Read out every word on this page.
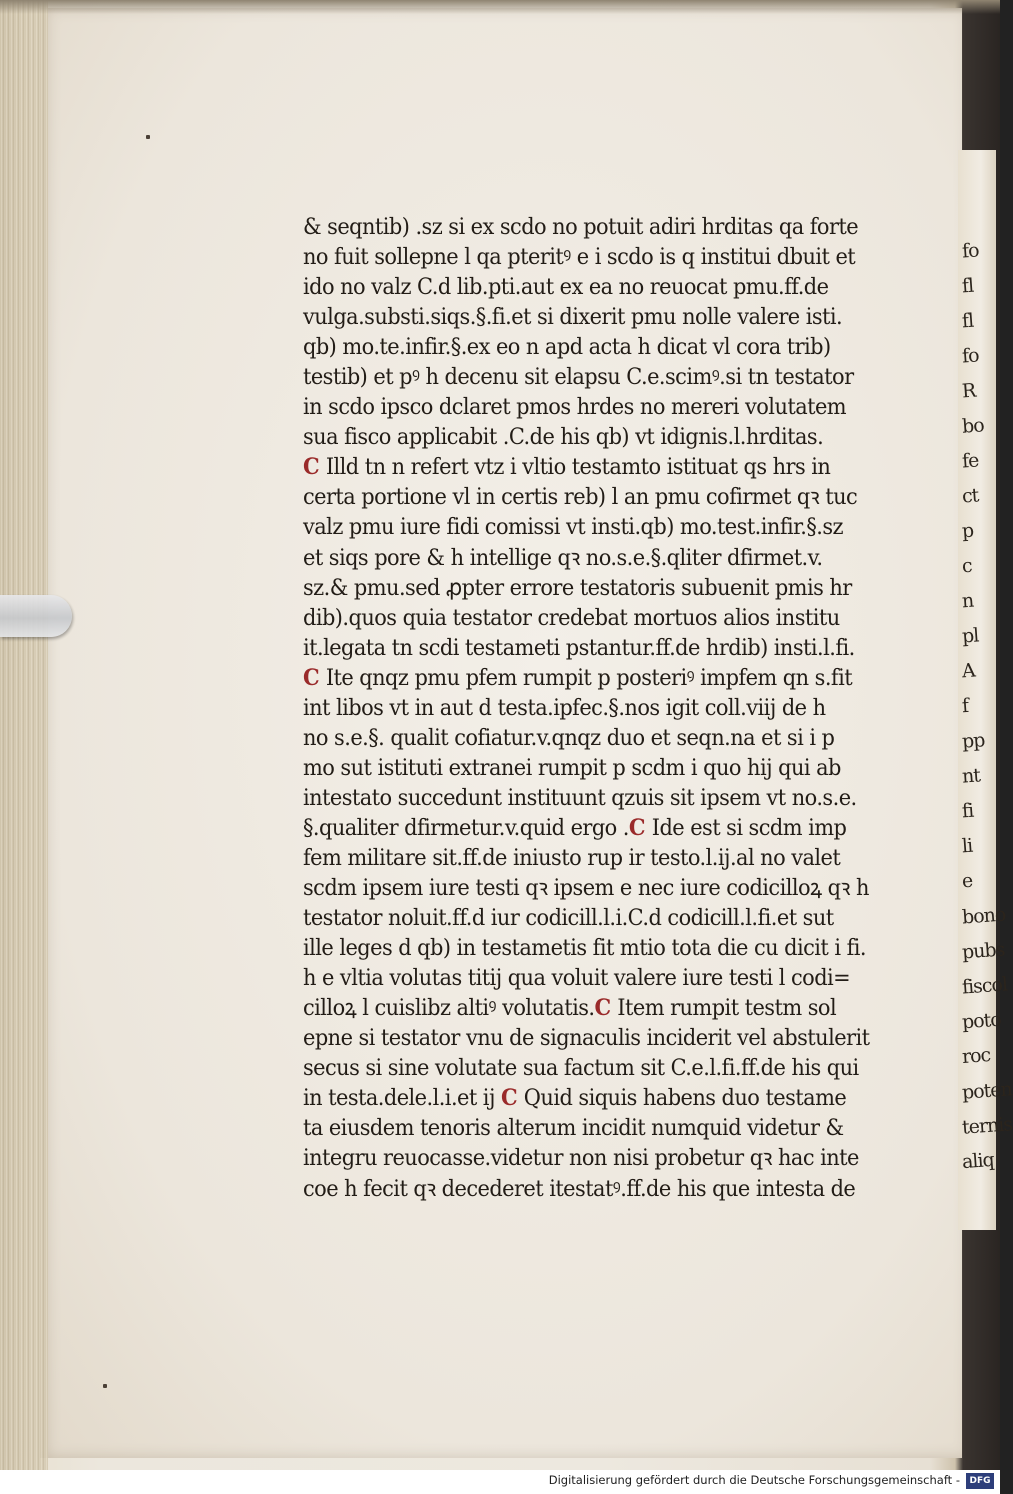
fo
fl
fl
fo
R
bo
fe
ct
p
c
n
pl
A
f
pp
nt
fi
li
e
bono
pubs
fiscol
poto
roc
poten
ternis
aliq
& seqntib) .sz si ex scdo no potuit adiri hrditas qa forte
no fuit sollepne l qa pteritꝰ e i scdo is q institui dbuit et
ido no valz C.d lib.pti.aut ex ea no reuocat pmu.ff.de
vulga.substi.siqs.§.fi.et si dixerit pmu nolle valere isti.
qb) mo.te.infir.§.ex eo n apd acta h dicat vl cora trib)
testib) et pꝰ h decenu sit elapsu C.e.scimꝰ.si tn testator
in scdo ipsco dclaret pmos hrdes no mereri volutatem
sua fisco applicabit .C.de his qb) vt idignis.l.hrditas.
C Illd tn n refert vtz i vltio testamto istituat qs hrs in
certa portione vl in certis reb) l an pmu cofirmet qꝛ tuc
valz pmu iure fidi comissi vt insti.qb) mo.test.infir.§.sz
et siqs pore & h intellige qꝛ no.s.e.§.qliter dfirmet.v.
sz.& pmu.sed ꝓpter errore testatoris subuenit pmis hr
dib).quos quia testator credebat mortuos alios institu
it.legata tn scdi testameti pstantur.ff.de hrdib) insti.l.fi.
C Ite qnqz pmu pfem rumpit p posteriꝰ impfem qn s.fit
int libos vt in aut d testa.ipfec.§.nos igit coll.viij de h
no s.e.§. qualit cofiatur.v.qnqz duo et seqn.na et si i p
mo sut istituti extranei rumpit p scdm i quo hij qui ab
intestato succedunt instituunt qzuis sit ipsem vt no.s.e.
§.qualiter dfirmetur.v.quid ergo .C Ide est si scdm imp
fem militare sit.ff.de iniusto rup ir testo.l.ij.al no valet
scdm ipsem iure testi qꝛ ipsem e nec iure codicilloꝝ qꝛ h
testator noluit.ff.d iur codicill.l.i.C.d codicill.l.fi.et sut
ille leges d qb) in testametis fit mtio tota die cu dicit i fi.
h e vltia volutas titij qua voluit valere iure testi l codi=
cilloꝝ l cuislibz altiꝰ volutatis.C Item rumpit testm sol
epne si testator vnu de signaculis inciderit vel abstulerit
secus si sine volutate sua factum sit C.e.l.fi.ff.de his qui
in testa.dele.l.i.et ij C Quid siquis habens duo testame
ta eiusdem tenoris alterum incidit numquid videtur &
integru reuocasse.videtur non nisi probetur qꝛ hac inte
coe h fecit qꝛ decederet itestatꝰ.ff.de his que intesta de
Digitalisierung gefördert durch die Deutsche Forschungsgemeinschaft -	DFG
